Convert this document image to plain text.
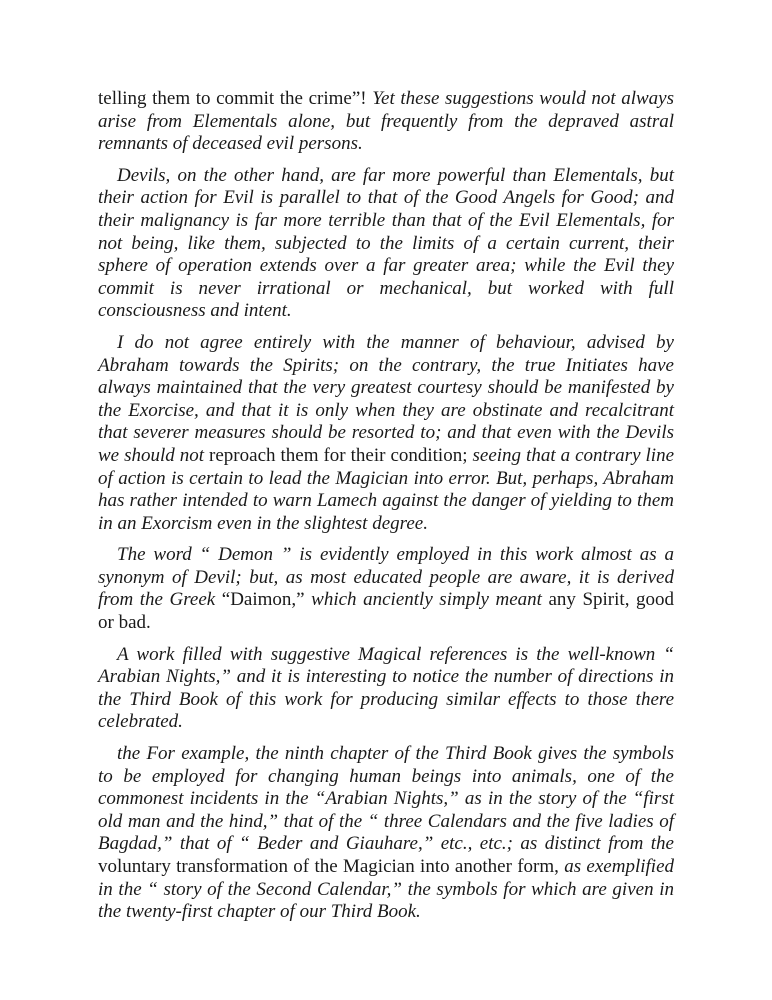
telling them to commit the crime”! Yet these suggestions would not always arise from Elementals alone, but frequently from the depraved astral remnants of deceased evil persons.

Devils, on the other hand, are far more powerful than Elementals, but their action for Evil is parallel to that of the Good Angels for Good; and their malignancy is far more terrible than that of the Evil Elementals, for not being, like them, subjected to the limits of a certain current, their sphere of operation extends over a far greater area; while the Evil they commit is never irrational or mechanical, but worked with full consciousness and intent.

I do not agree entirely with the manner of behaviour, advised by Abraham towards the Spirits; on the contrary, the true Initiates have always maintained that the very greatest courtesy should be manifested by the Exorcise, and that it is only when they are obstinate and recalcitrant that severer measures should be resorted to; and that even with the Devils we should not reproach them for their condition; seeing that a contrary line of action is certain to lead the Magician into error. But, perhaps, Abraham has rather intended to warn Lamech against the danger of yielding to them in an Exorcism even in the slightest degree.

The word “ Demon ” is evidently employed in this work almost as a synonym of Devil; but, as most educated people are aware, it is derived from the Greek “Daimon,” which anciently simply meant any Spirit, good or bad.

A work filled with suggestive Magical references is the well-known “ Arabian Nights,” and it is interesting to notice the number of directions in the Third Book of this work for producing similar effects to those there celebrated.

the For example, the ninth chapter of the Third Book gives the symbols to be employed for changing human beings into animals, one of the commonest incidents in the “Arabian Nights,” as in the story of the “first old man and the hind,” that of the “ three Calendars and the five ladies of Bagdad,” that of “ Beder and Giauhare,” etc., etc.; as distinct from the voluntary transformation of the Magician into another form, as exemplified in the “ story of the Second Calendar,” the symbols for which are given in the twenty-first chapter of our Third Book.
